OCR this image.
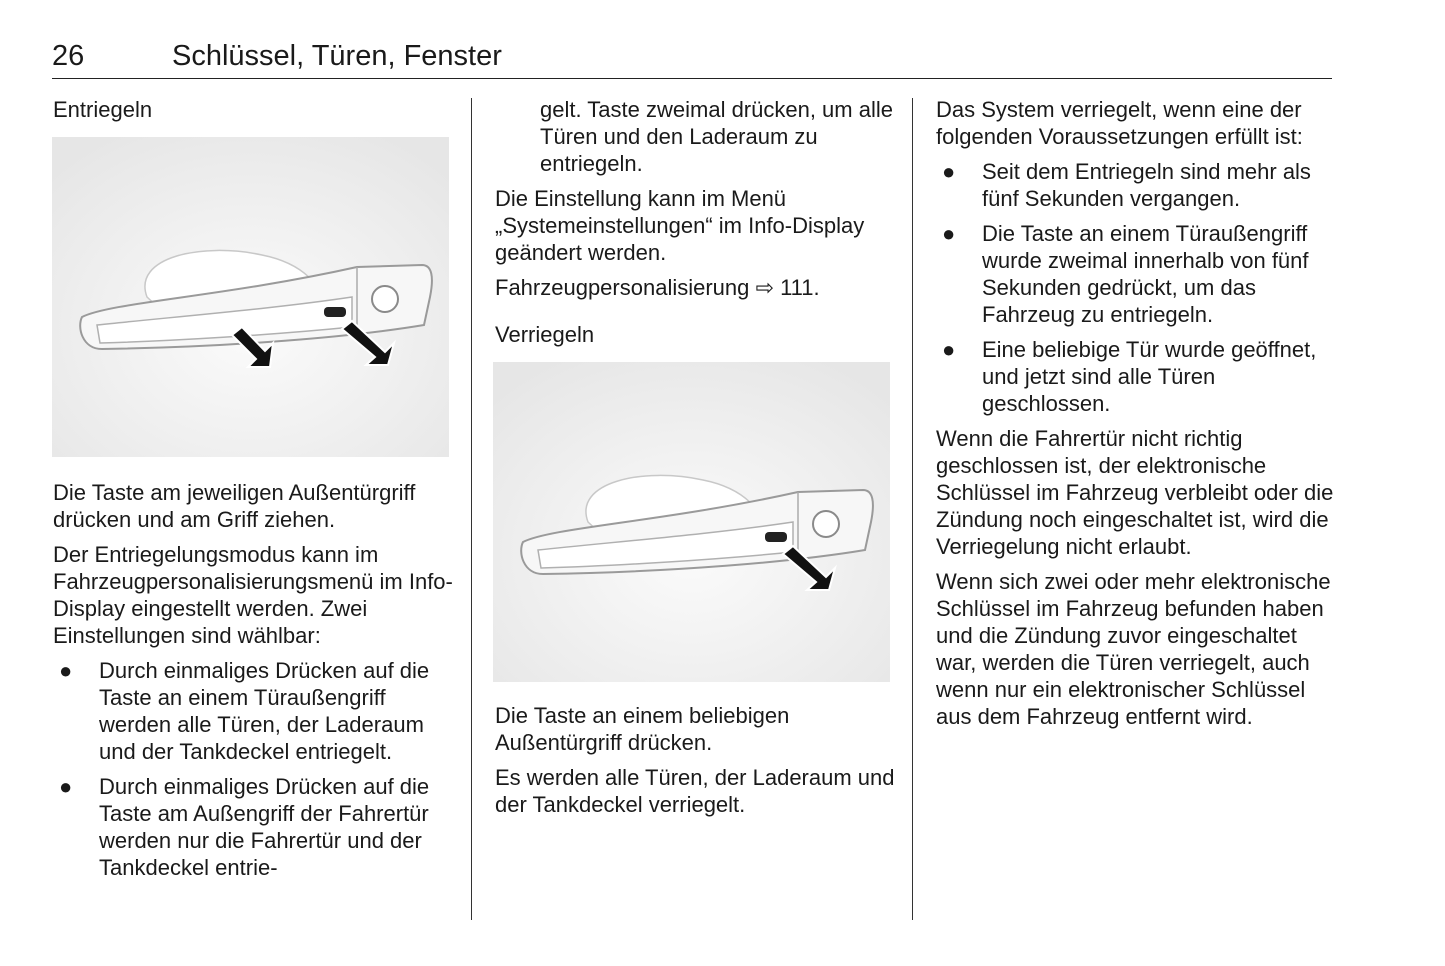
26	Schlüssel, Türen, Fenster

Entriegeln

Die Taste am jeweiligen Außentürgriff drücken und am Griff ziehen.

Der Entriegelungsmodus kann im Fahrzeugpersonalisierungsmenü im Info-Display eingestellt werden. Zwei Einstellungen sind wählbar:

● Durch einmaliges Drücken auf die Taste an einem Türaußengriff werden alle Türen, der Laderaum und der Tankdeckel entriegelt.
● Durch einmaliges Drücken auf die Taste am Außengriff der Fahrertür werden nur die Fahrertür und der Tankdeckel entrie-

gelt. Taste zweimal drücken, um alle Türen und den Laderaum zu entriegeln.

Die Einstellung kann im Menü „Systemeinstellungen“ im Info-Display geändert werden.

Fahrzeugpersonalisierung ⇨ 111.

Verriegeln

Die Taste an einem beliebigen Außentürgriff drücken.

Es werden alle Türen, der Laderaum und der Tankdeckel verriegelt.

Das System verriegelt, wenn eine der folgenden Voraussetzungen erfüllt ist:

● Seit dem Entriegeln sind mehr als fünf Sekunden vergangen.
● Die Taste an einem Türaußengriff wurde zweimal innerhalb von fünf Sekunden gedrückt, um das Fahrzeug zu entriegeln.
● Eine beliebige Tür wurde geöffnet, und jetzt sind alle Türen geschlossen.

Wenn die Fahrertür nicht richtig geschlossen ist, der elektronische Schlüssel im Fahrzeug verbleibt oder die Zündung noch eingeschaltet ist, wird die Verriegelung nicht erlaubt.

Wenn sich zwei oder mehr elektronische Schlüssel im Fahrzeug befunden haben und die Zündung zuvor eingeschaltet war, werden die Türen verriegelt, auch wenn nur ein elektronischer Schlüssel aus dem Fahrzeug entfernt wird.
